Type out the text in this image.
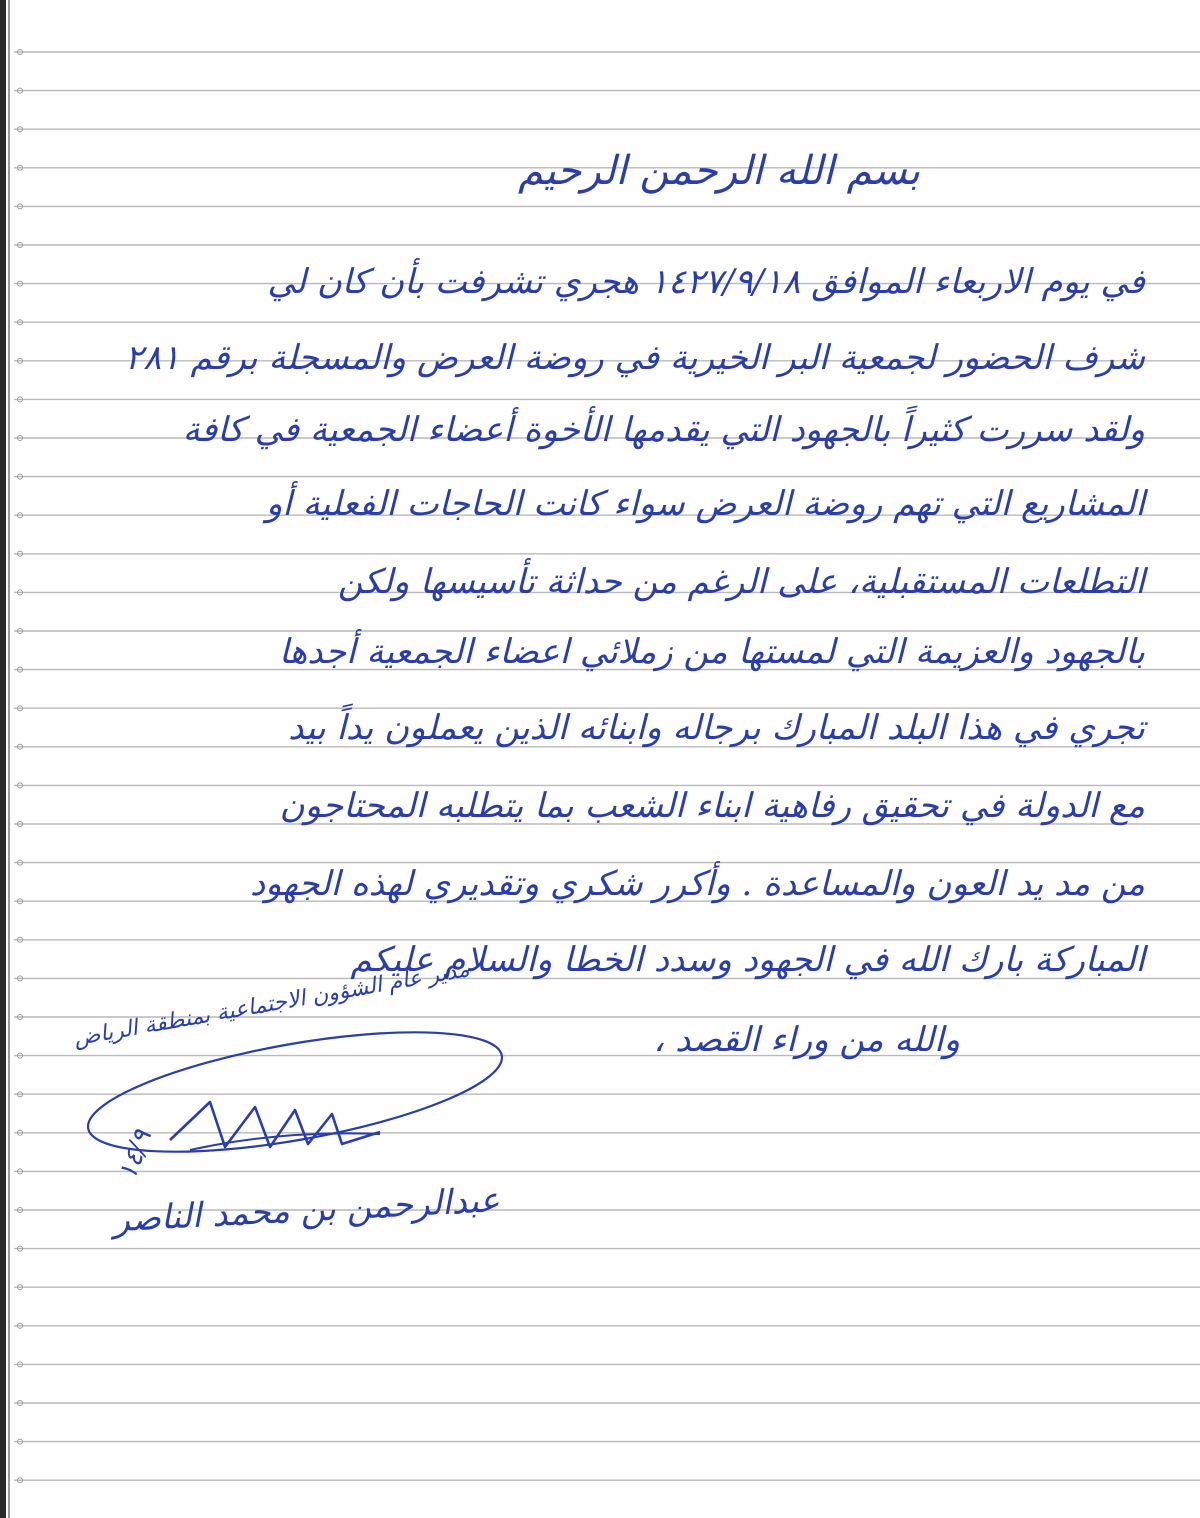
بسم الله الرحمن الرحيم
في يوم الاربعاء الموافق ١٤٢٧/٩/١٨ هجري تشرفت بأن كان لي
شرف الحضور لجمعية البر الخيرية في روضة العرض والمسجلة برقم ٢٨١
ولقد سررت كثيراً بالجهود التي يقدمها الأخوة أعضاء الجمعية في كافة
المشاريع التي تهم روضة العرض سواء كانت الحاجات الفعلية أو
التطلعات المستقبلية، على الرغم من حداثة تأسيسها ولكن
بالجهود والعزيمة التي لمستها من زملائي اعضاء الجمعية أجدها
تجري في هذا البلد المبارك برجاله وابنائه الذين يعملون يداً بيد
مع الدولة في تحقيق رفاهية ابناء الشعب بما يتطلبه المحتاجون
من مد يد العون والمساعدة . وأكرر شكري وتقديري لهذه الجهود
المباركة بارك الله في الجهود وسدد الخطا والسلام عليكم
والله من وراء القصد ،
مدير عام الشؤون الاجتماعية بمنطقة الرياض
١٤/٩
عبدالرحمن بن محمد الناصر
